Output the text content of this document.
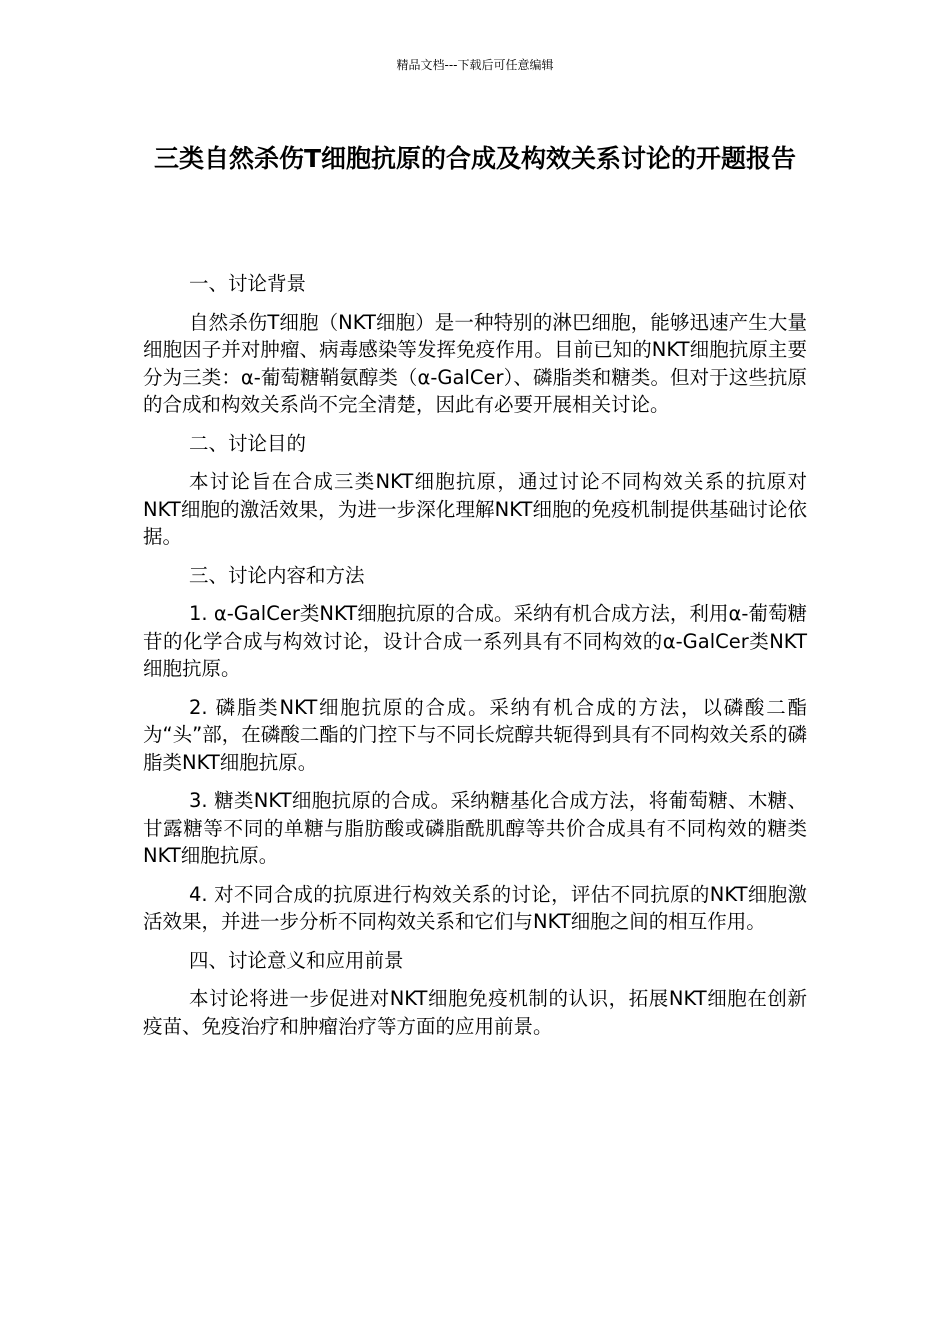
精品文档---下载后可任意编辑
三类自然杀伤T细胞抗原的合成及构效关系讨论的开题报告

一、讨论背景

自然杀伤T细胞（NKT细胞）是一种特别的淋巴细胞，能够迅速产生大量细胞因子并对肿瘤、病毒感染等发挥免疫作用。目前已知的NKT细胞抗原主要分为三类：α-葡萄糖鞘氨醇类（α-GalCer）、磷脂类和糖类。但对于这些抗原的合成和构效关系尚不完全清楚，因此有必要开展相关讨论。

二、讨论目的

本讨论旨在合成三类NKT细胞抗原，通过讨论不同构效关系的抗原对NKT细胞的激活效果，为进一步深化理解NKT细胞的免疫机制提供基础讨论依据。

三、讨论内容和方法

1. α-GalCer类NKT细胞抗原的合成。采纳有机合成方法，利用α-葡萄糖苷的化学合成与构效讨论，设计合成一系列具有不同构效的α-GalCer类NKT细胞抗原。

2. 磷脂类NKT细胞抗原的合成。采纳有机合成的方法，以磷酸二酯为“头”部，在磷酸二酯的门控下与不同长烷醇共轭得到具有不同构效关系的磷脂类NKT细胞抗原。

3. 糖类NKT细胞抗原的合成。采纳糖基化合成方法，将葡萄糖、木糖、甘露糖等不同的单糖与脂肪酸或磷脂酰肌醇等共价合成具有不同构效的糖类NKT细胞抗原。

4. 对不同合成的抗原进行构效关系的讨论，评估不同抗原的NKT细胞激活效果，并进一步分析不同构效关系和它们与NKT细胞之间的相互作用。

四、讨论意义和应用前景

本讨论将进一步促进对NKT细胞免疫机制的认识，拓展NKT细胞在创新疫苗、免疫治疗和肿瘤治疗等方面的应用前景。
